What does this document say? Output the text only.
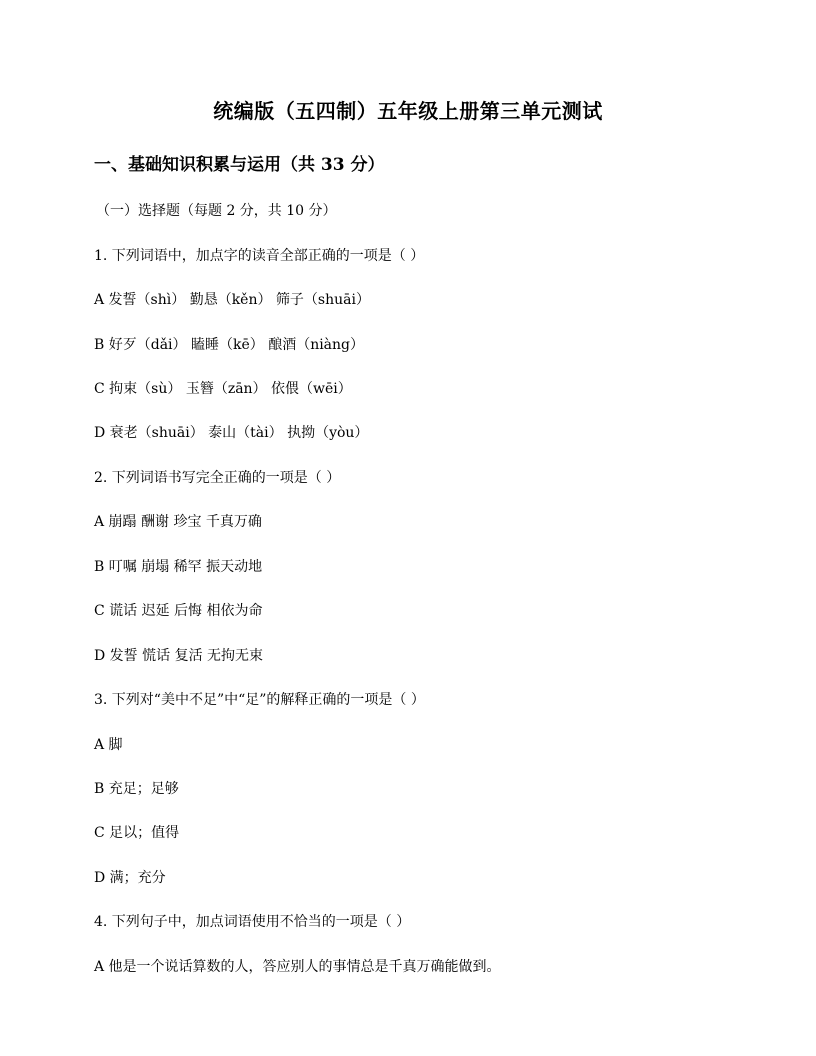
统编版（五四制）五年级上册第三单元测试
一、基础知识积累与运用（共 33 分）
（一）选择题（每题 2 分，共 10 分）
1. 下列词语中，加点字的读音全部正确的一项是（ ）
A 发誓（shì） 勤恳（kěn） 筛子（shuāi）
B 好歹（dǎi） 瞌睡（kē） 酿酒（niàng）
C 拘束（sù） 玉簪（zān） 依偎（wēi）
D 衰老（shuāi） 泰山（tài） 执拗（yòu）
2. 下列词语书写完全正确的一项是（ ）
A 崩蹋 酬谢 珍宝 千真万确
B 叮嘱 崩塌 稀罕 振天动地
C 谎话 迟延 后悔 相依为命
D 发誓 慌话 复活 无拘无束
3. 下列对“美中不足”中“足”的解释正确的一项是（ ）
A 脚
B 充足；足够
C 足以；值得
D 满；充分
4. 下列句子中，加点词语使用不恰当的一项是（ ）
A 他是一个说话算数的人，答应别人的事情总是千真万确能做到。
